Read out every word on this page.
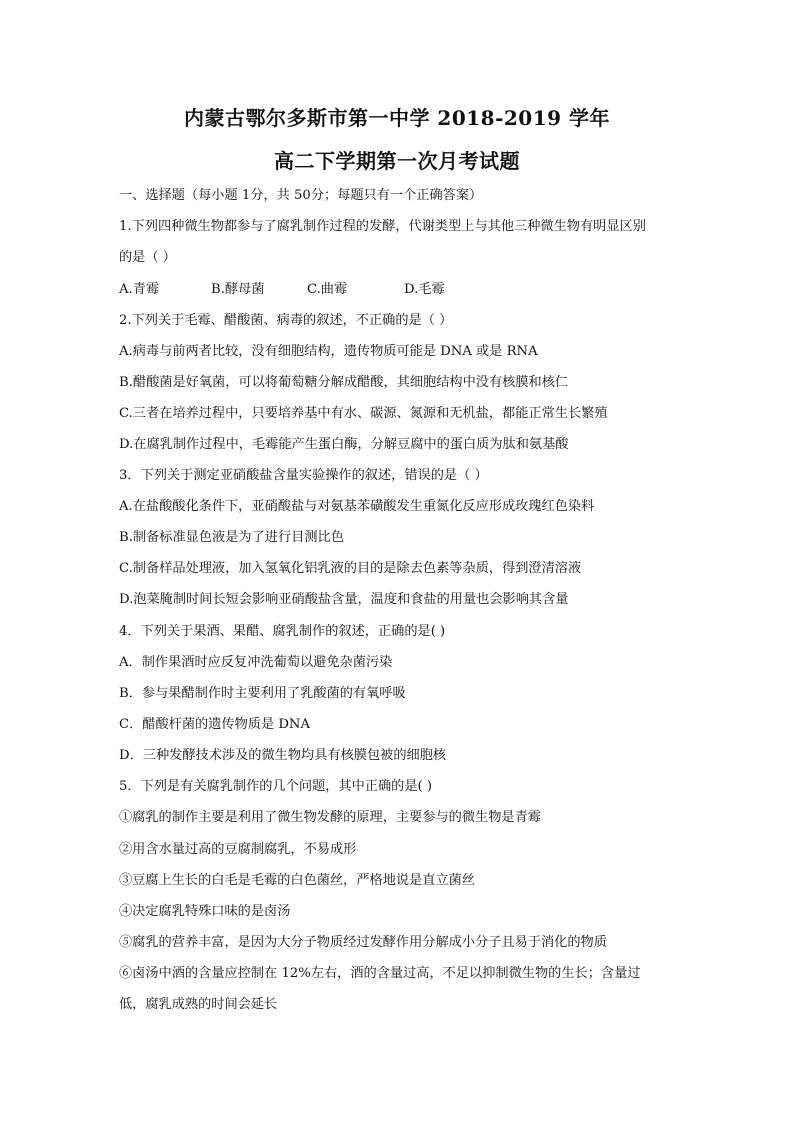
内蒙古鄂尔多斯市第一中学 2018-2019 学年
高二下学期第一次月考试题
一、选择题（每小题 1分，共 50分；每题只有一个正确答案）
1.下列四种微生物都参与了腐乳制作过程的发酵，代谢类型上与其他三种微生物有明显区别
的是（ ）
A.青霉	B.酵母菌	C.曲霉	D.毛霉
2.下列关于毛霉、醋酸菌、病毒的叙述，不正确的是（ ）
A.病毒与前两者比较，没有细胞结构，遗传物质可能是 DNA 或是 RNA
B.醋酸菌是好氧菌，可以将葡萄糖分解成醋酸，其细胞结构中没有核膜和核仁
C.三者在培养过程中，只要培养基中有水、碳源、氮源和无机盐，都能正常生长繁殖
D.在腐乳制作过程中，毛霉能产生蛋白酶，分解豆腐中的蛋白质为肽和氨基酸
3．下列关于测定亚硝酸盐含量实验操作的叙述，错误的是（ ）
A.在盐酸酸化条件下，亚硝酸盐与对氨基苯磺酸发生重氮化反应形成玫瑰红色染料
B.制备标准显色液是为了进行目测比色
C.制备样品处理液，加入氢氧化铝乳液的目的是除去色素等杂质，得到澄清溶液
D.泡菜腌制时间长短会影响亚硝酸盐含量，温度和食盐的用量也会影响其含量
4．下列关于果酒、果醋、腐乳制作的叙述，正确的是( )
A．制作果酒时应反复冲洗葡萄以避免杂菌污染
B．参与果醋制作时主要利用了乳酸菌的有氧呼吸
C．醋酸杆菌的遗传物质是 DNA
D．三种发酵技术涉及的微生物均具有核膜包被的细胞核
5．下列是有关腐乳制作的几个问题，其中正确的是( )
①腐乳的制作主要是利用了微生物发酵的原理，主要参与的微生物是青霉
②用含水量过高的豆腐制腐乳，不易成形
③豆腐上生长的白毛是毛霉的白色菌丝，严格地说是直立菌丝
④决定腐乳特殊口味的是卤汤
⑤腐乳的营养丰富，是因为大分子物质经过发酵作用分解成小分子且易于消化的物质
⑥卤汤中酒的含量应控制在 12%左右，酒的含量过高，不足以抑制微生物的生长；含量过
低，腐乳成熟的时间会延长
